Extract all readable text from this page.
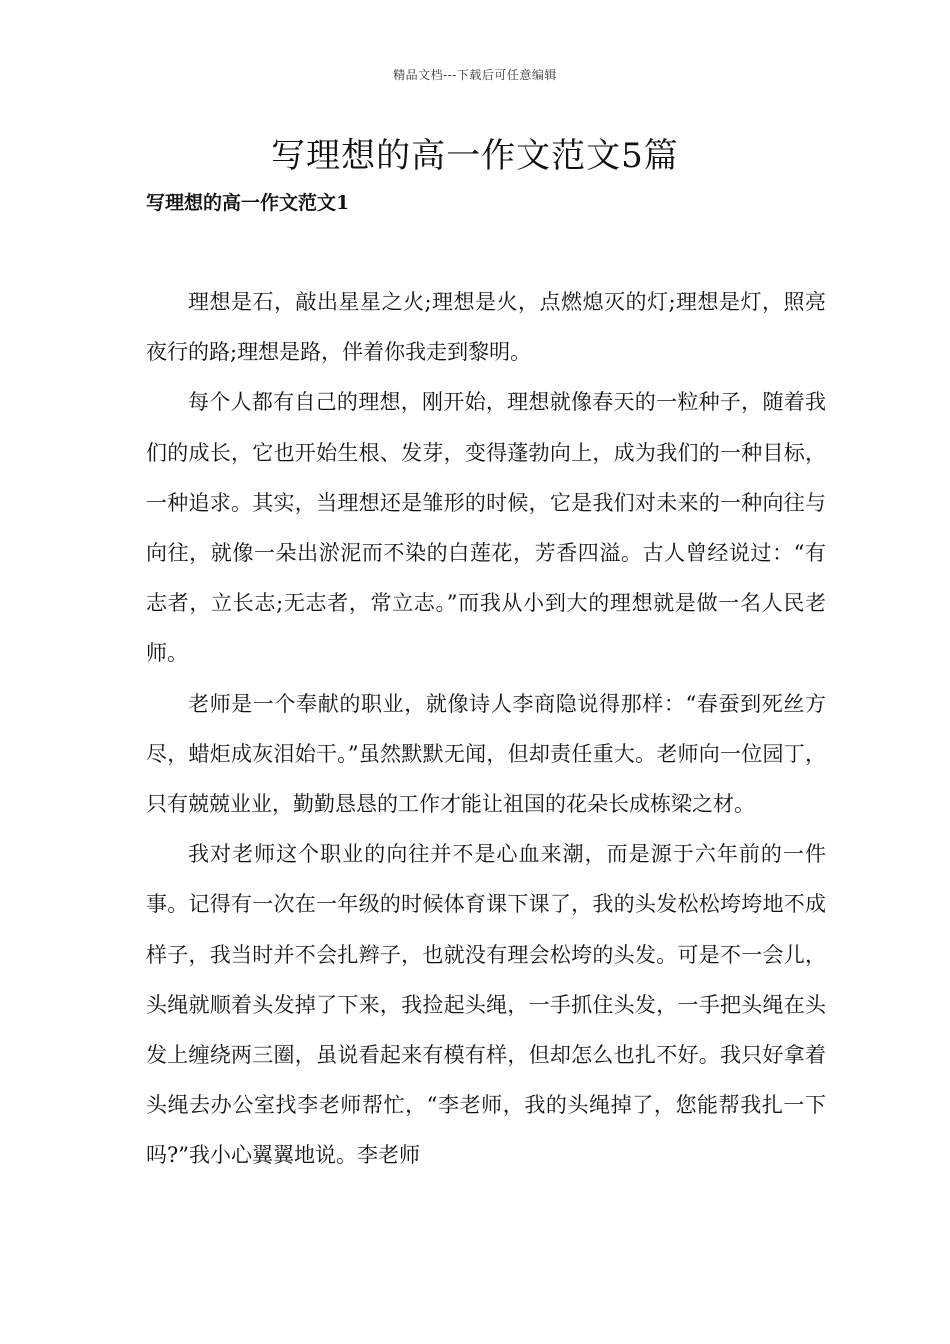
精品文档---下载后可任意编辑
写理想的高一作文范文5篇
写理想的高一作文范文1

理想是石，敲出星星之火;理想是火，点燃熄灭的灯;理想是灯，照亮夜行的路;理想是路，伴着你我走到黎明。

每个人都有自己的理想，刚开始，理想就像春天的一粒种子，随着我们的成长，它也开始生根、发芽，变得蓬勃向上，成为我们的一种目标，一种追求。其实，当理想还是雏形的时候，它是我们对未来的一种向往与向往，就像一朵出淤泥而不染的白莲花，芳香四溢。古人曾经说过：“有志者，立长志;无志者，常立志。”而我从小到大的理想就是做一名人民老师。

老师是一个奉献的职业，就像诗人李商隐说得那样：“春蚕到死丝方尽，蜡炬成灰泪始干。”虽然默默无闻，但却责任重大。老师向一位园丁，只有兢兢业业，勤勤恳恳的工作才能让祖国的花朵长成栋梁之材。

我对老师这个职业的向往并不是心血来潮，而是源于六年前的一件事。记得有一次在一年级的时候体育课下课了，我的头发松松垮垮地不成样子，我当时并不会扎辫子，也就没有理会松垮的头发。可是不一会儿，头绳就顺着头发掉了下来，我捡起头绳，一手抓住头发，一手把头绳在头发上缠绕两三圈，虽说看起来有模有样，但却怎么也扎不好。我只好拿着头绳去办公室找李老师帮忙，“李老师，我的头绳掉了，您能帮我扎一下吗?”我小心翼翼地说。李老师
